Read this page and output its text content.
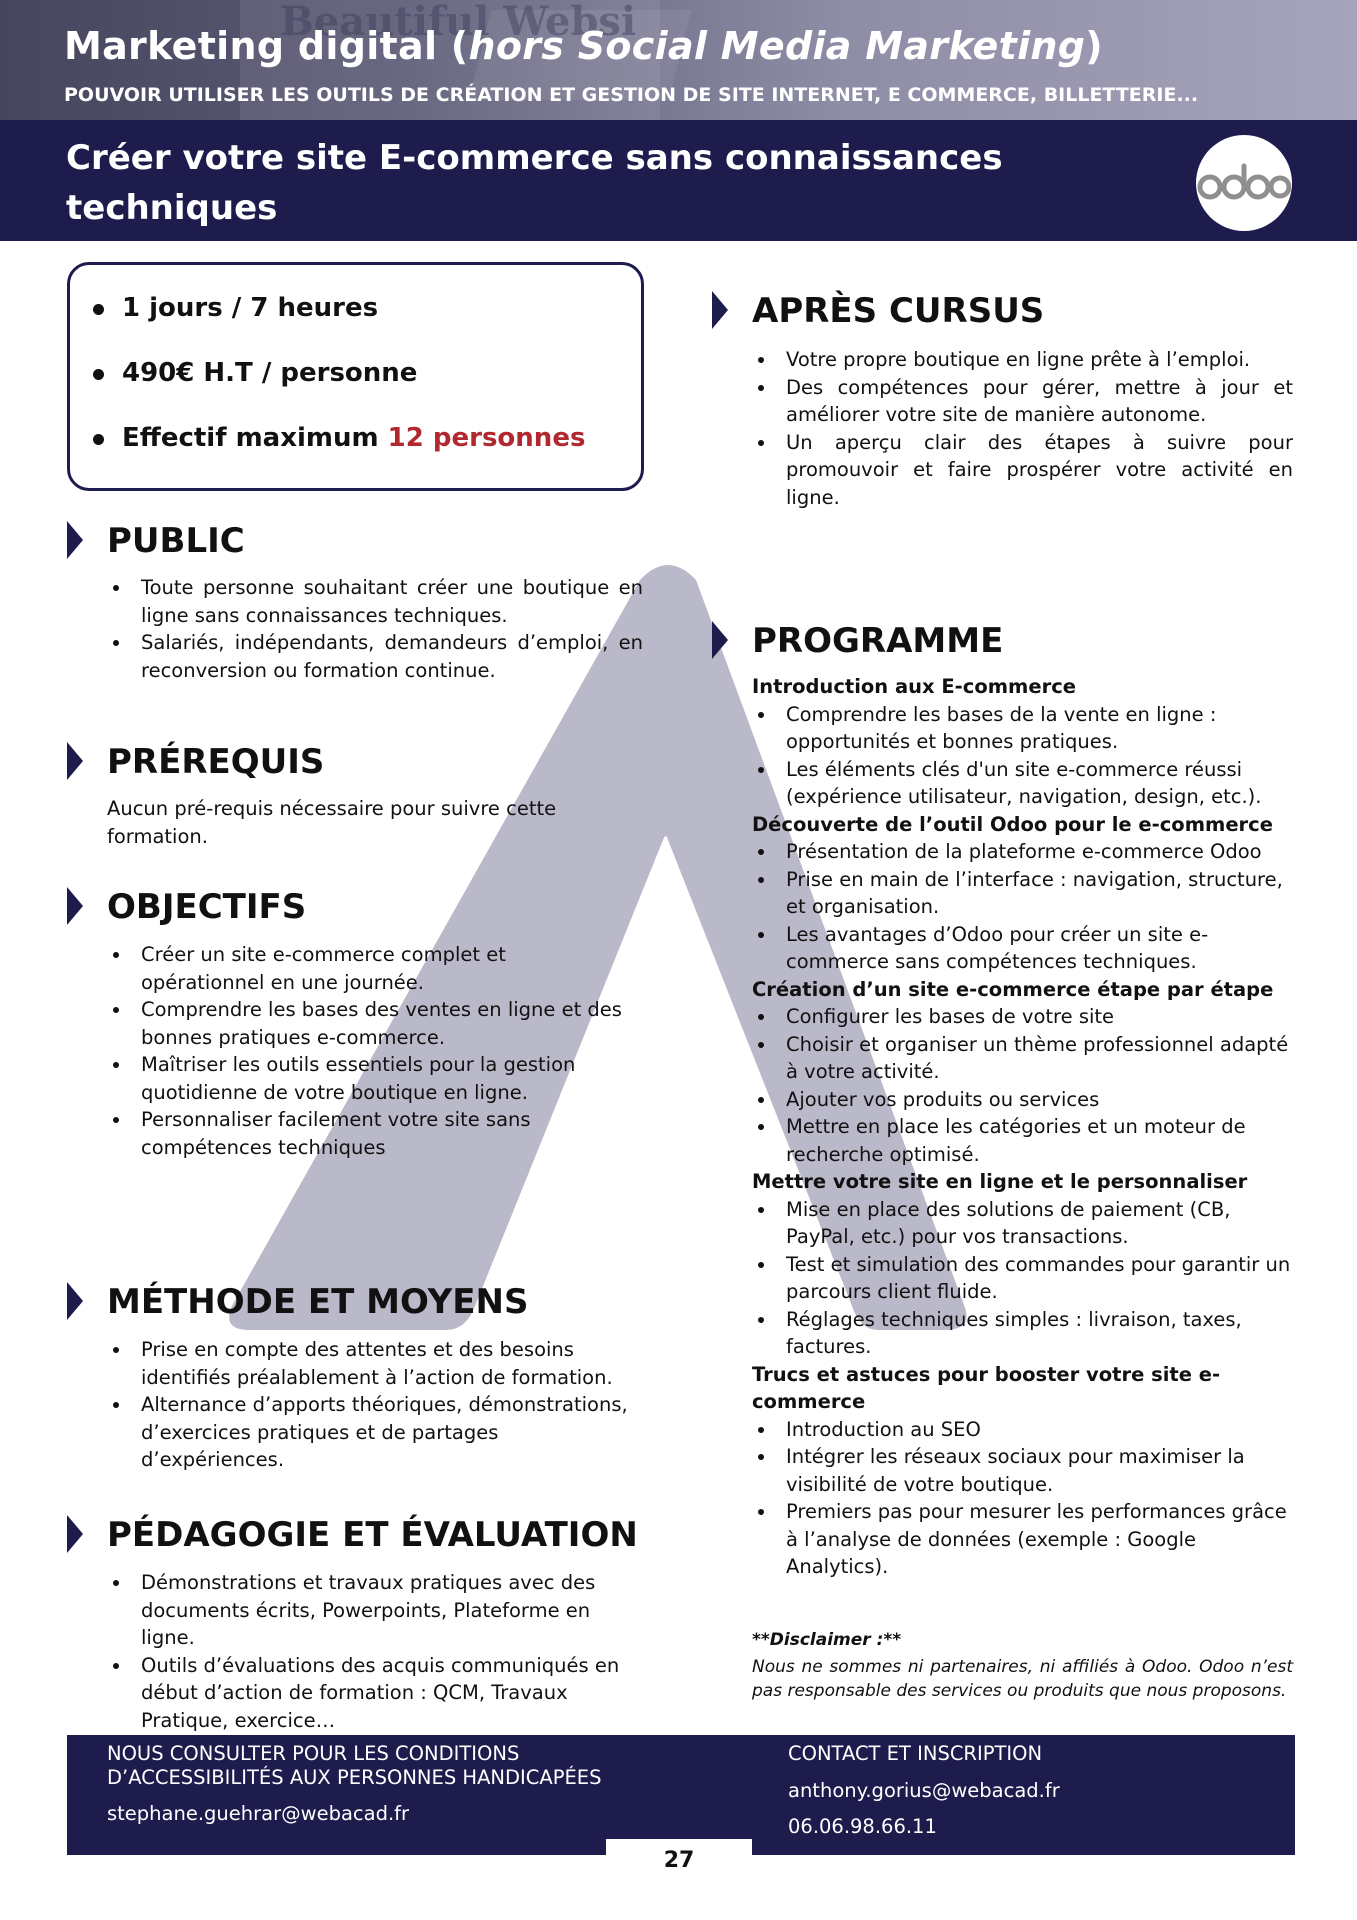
Beautiful Websi
Marketing digital (hors Social Media Marketing)
POUVOIR UTILISER LES OUTILS DE CRÉATION ET GESTION DE SITE INTERNET, E COMMERCE, BILLETTERIE...
Créer votre site E-commerce sans connaissances techniques
1 jours / 7 heures
490€ H.T / personne
Effectif maximum 12 personnes
PUBLIC
Toute personne souhaitant créer une boutique en ligne sans connaissances techniques.
Salariés, indépendants, demandeurs d’emploi, en reconversion ou formation continue.
PRÉREQUIS

Aucun pré-requis nécessaire pour suivre cette formation.

OBJECTIFS
Créer un site e-commerce complet et opérationnel en une journée.
Comprendre les bases des ventes en ligne et des bonnes pratiques e-commerce.
Maîtriser les outils essentiels pour la gestion quotidienne de votre boutique en ligne.
Personnaliser facilement votre site sans compétences techniques
MÉTHODE ET MOYENS
Prise en compte des attentes et des besoins identifiés préalablement à l’action de formation.
Alternance d’apports théoriques, démonstrations, d’exercices pratiques et de partages d’expériences.
PÉDAGOGIE ET ÉVALUATION
Démonstrations et travaux pratiques avec des documents écrits, Powerpoints, Plateforme en ligne.
Outils d’évaluations des acquis communiqués en début d’action de formation : QCM, Travaux Pratique, exercice…
APRÈS CURSUS
Votre propre boutique en ligne prête à l’emploi.
Des compétences pour gérer, mettre à jour et améliorer votre site de manière autonome.
Un aperçu clair des étapes à suivre pour promouvoir et faire prospérer votre activité en ligne.
PROGRAMME
Introduction aux E-commerce
Comprendre les bases de la vente en ligne : opportunités et bonnes pratiques.
Les éléments clés d'un site e-commerce réussi (expérience utilisateur, navigation, design, etc.).
Découverte de l’outil Odoo pour le e-commerce
Présentation de la plateforme e-commerce Odoo
Prise en main de l’interface : navigation, structure, et organisation.
Les avantages d’Odoo pour créer un site e-commerce sans compétences techniques.
Création d’un site e-commerce étape par étape
Configurer les bases de votre site
Choisir et organiser un thème professionnel adapté à votre activité.
Ajouter vos produits ou services
Mettre en place les catégories et un moteur de recherche optimisé.
Mettre votre site en ligne et le personnaliser
Mise en place des solutions de paiement (CB, PayPal, etc.) pour vos transactions.
Test et simulation des commandes pour garantir un parcours client fluide.
Réglages techniques simples : livraison, taxes, factures.
Trucs et astuces pour booster votre site e-commerce
Introduction au SEO
Intégrer les réseaux sociaux pour maximiser la visibilité de votre boutique.
Premiers pas pour mesurer les performances grâce à l’analyse de données (exemple : Google Analytics).
**Disclaimer :**
Nous ne sommes ni partenaires, ni affiliés à Odoo. Odoo n’est pas responsable des services ou produits que nous proposons.
NOUS CONSULTER POUR LES CONDITIONS
D’ACCESSIBILITÉS AUX PERSONNES HANDICAPÉES
stephane.guehrar@webacad.fr
CONTACT ET INSCRIPTION
anthony.gorius@webacad.fr
06.06.98.66.11
27
